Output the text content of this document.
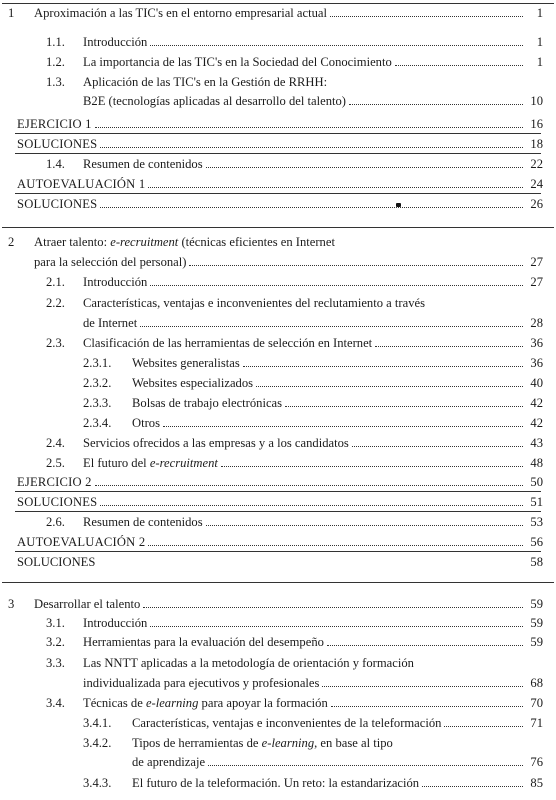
1 Aproximación a las TIC's en el entorno empresarial actual	1
1.1. Introducción	1
1.2. La importancia de las TIC's en la Sociedad del Conocimiento	1
1.3. Aplicación de las TIC's en la Gestión de RRHH:
B2E (tecnologías aplicadas al desarrollo del talento)	10
EJERCICIO 1	16
SOLUCIONES	18
1.4. Resumen de contenidos	22
AUTOEVALUACIÓN 1	24
SOLUCIONES	26
2 Atraer talento: e-recruitment (técnicas eficientes en Internet
para la selección del personal)	27
2.1. Introducción	27
2.2. Características, ventajas e inconvenientes del reclutamiento a través
de Internet	28
2.3. Clasificación de las herramientas de selección en Internet	36
2.3.1. Websites generalistas	36
2.3.2. Websites especializados	40
2.3.3. Bolsas de trabajo electrónicas	42
2.3.4. Otros	42
2.4. Servicios ofrecidos a las empresas y a los candidatos	43
2.5. El futuro del e-recruitment	48
EJERCICIO 2	50
SOLUCIONES	51
2.6. Resumen de contenidos	53
AUTOEVALUACIÓN 2	56
SOLUCIONES	58
3 Desarrollar el talento	59
3.1. Introducción	59
3.2. Herramientas para la evaluación del desempeño	59
3.3. Las NNTT aplicadas a la metodología de orientación y formación
individualizada para ejecutivos y profesionales	68
3.4. Técnicas de e-learning para apoyar la formación	70
3.4.1. Características, ventajas e inconvenientes de la teleformación	71
3.4.2. Tipos de herramientas de e-learning, en base al tipo
de aprendizaje	76
3.4.3. El futuro de la teleformación. Un reto: la estandarización	85
